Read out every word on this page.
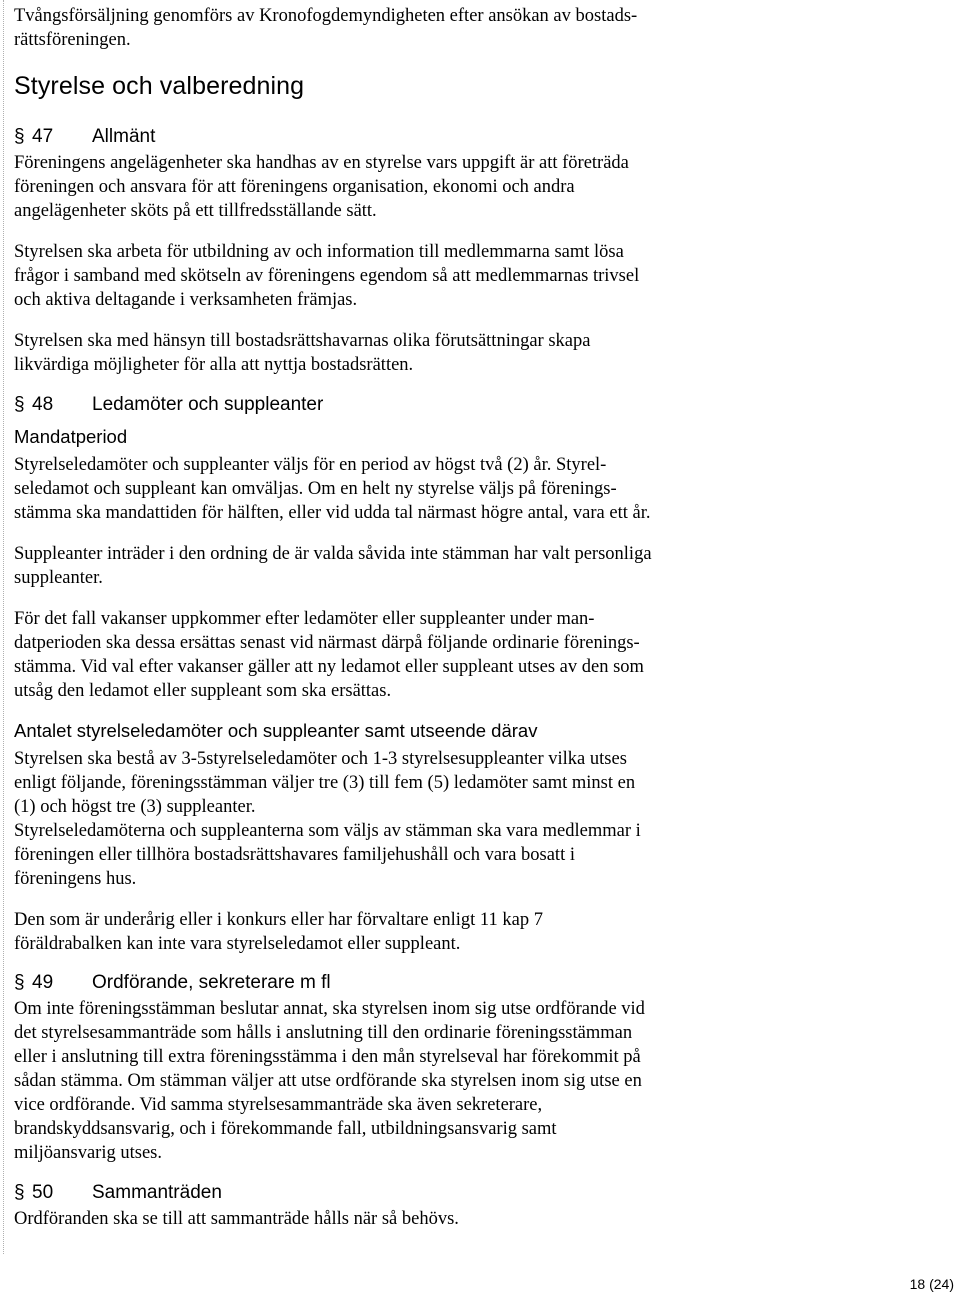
Tvångsförsäljning genomförs av Kronofogdemyndigheten efter ansökan av bostads-
rättsföreningen.
Styrelse och valberedning
§ 47 Allmänt
Föreningens angelägenheter ska handhas av en styrelse vars uppgift är att företräda
föreningen och ansvara för att föreningens organisation, ekonomi och andra
angelägenheter sköts på ett tillfredsställande sätt.
Styrelsen ska arbeta för utbildning av och information till medlemmarna samt lösa
frågor i samband med skötseln av föreningens egendom så att medlemmarnas trivsel
och aktiva deltagande i verksamheten främjas.
Styrelsen ska med hänsyn till bostadsrättshavarnas olika förutsättningar skapa
likvärdiga möjligheter för alla att nyttja bostadsrätten.
§ 48 Ledamöter och suppleanter
Mandatperiod
Styrelseledamöter och suppleanter väljs för en period av högst två (2) år. Styrel-
seledamot och suppleant kan omväljas. Om en helt ny styrelse väljs på förenings-
stämma ska mandattiden för hälften, eller vid udda tal närmast högre antal, vara ett år.
Suppleanter inträder i den ordning de är valda såvida inte stämman har valt personliga
suppleanter.
För det fall vakanser uppkommer efter ledamöter eller suppleanter under man-
datperioden ska dessa ersättas senast vid närmast därpå följande ordinarie förenings-
stämma. Vid val efter vakanser gäller att ny ledamot eller suppleant utses av den som
utsåg den ledamot eller suppleant som ska ersättas.
Antalet styrelseledamöter och suppleanter samt utseende därav
Styrelsen ska bestå av 3-5styrelseledamöter och 1-3 styrelsesuppleanter vilka utses
enligt följande, föreningsstämman väljer tre (3) till fem (5) ledamöter samt minst en
(1) och högst tre (3) suppleanter.
Styrelseledamöterna och suppleanterna som väljs av stämman ska vara medlemmar i
föreningen eller tillhöra bostadsrättshavares familjehushåll och vara bosatt i
föreningens hus.
Den som är underårig eller i konkurs eller har förvaltare enligt 11 kap 7
föräldrabalken kan inte vara styrelseledamot eller suppleant.
§ 49 Ordförande, sekreterare m fl
Om inte föreningsstämman beslutar annat, ska styrelsen inom sig utse ordförande vid
det styrelsesammanträde som hålls i anslutning till den ordinarie föreningsstämman
eller i anslutning till extra föreningsstämma i den mån styrelseval har förekommit på
sådan stämma. Om stämman väljer att utse ordförande ska styrelsen inom sig utse en
vice ordförande. Vid samma styrelsesammanträde ska även sekreterare,
brandskyddsansvarig, och i förekommande fall, utbildningsansvarig samt
miljöansvarig utses.
§ 50 Sammanträden
Ordföranden ska se till att sammanträde hålls när så behövs.
18 (24)
